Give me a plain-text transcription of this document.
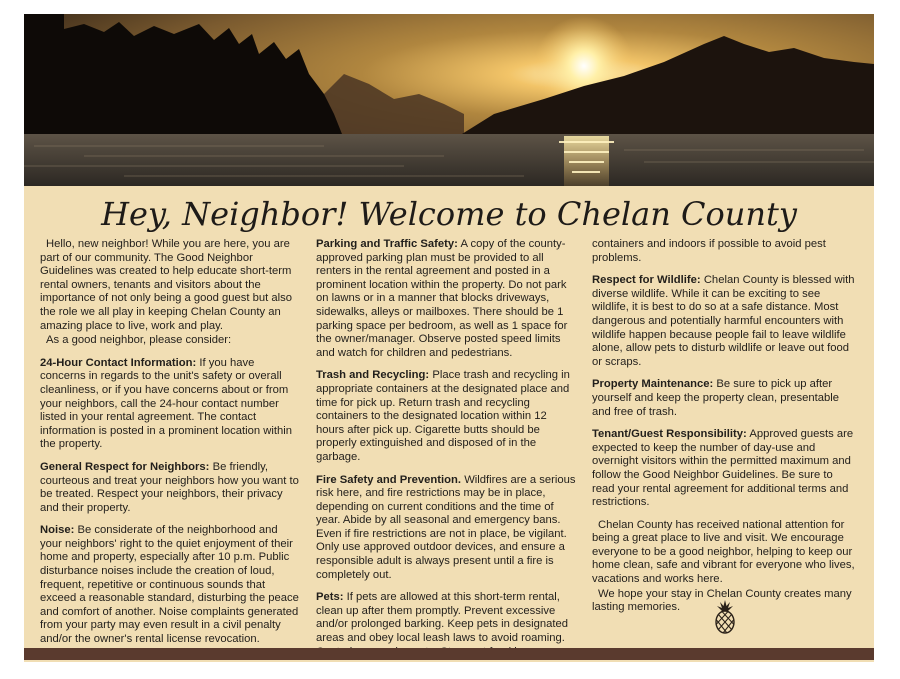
Hey, Neighbor! Welcome to Chelan County

Hello, new neighbor! While you are here, you are part of our community. The Good Neighbor Guidelines was created to help educate short-term rental owners, tenants and visitors about the importance of not only being a good guest but also the role we all play in keeping Chelan County an amazing place to live, work and play.

As a good neighbor, please consider:

24-Hour Contact Information: If you have concerns in regards to the unit's safety or overall cleanliness, or if you have concerns about or from your neighbors, call the 24-hour contact number listed in your rental agreement. The contact information is posted in a prominent location within the property.

General Respect for Neighbors: Be friendly, courteous and treat your neighbors how you want to be treated. Respect your neighbors, their privacy and their property.

Noise: Be considerate of the neighborhood and your neighbors' right to the quiet enjoyment of their home and property, especially after 10 p.m. Public disturbance noises include the creation of loud, frequent, repetitive or continuous sounds that exceed a reasonable standard, disturbing the peace and comfort of another. Noise complaints generated from your party may even result in a civil penalty and/or the owner's rental license revocation.

Parking and Traffic Safety: A copy of the county-approved parking plan must be provided to all renters in the rental agreement and posted in a prominent location within the property. Do not park on lawns or in a manner that blocks driveways, sidewalks, alleys or mailboxes. There should be 1 parking space per bedroom, as well as 1 space for the owner/manager. Observe posted speed limits and watch for children and pedestrians.

Trash and Recycling: Place trash and recycling in appropriate containers at the designated place and time for pick up. Return trash and recycling containers to the designated location within 12 hours after pick up. Cigarette butts should be properly extinguished and disposed of in the garbage.

Fire Safety and Prevention. Wildfires are a serious risk here, and fire restrictions may be in place, depending on current conditions and the time of year. Abide by all seasonal and emergency bans. Even if fire restrictions are not in place, be vigilant. Only use approved outdoor devices, and ensure a responsible adult is always present until a fire is completely out.

Pets: If pets are allowed at this short-term rental, clean up after them promptly. Prevent excessive and/or prolonged barking. Keep pets in designated areas and obey local leash laws to avoid roaming.

containers and indoors if possible to avoid pest problems.

Respect for Wildlife: Chelan County is blessed with diverse wildlife. While it can be exciting to see wildlife, it is best to do so at a safe distance. Most dangerous and potentially harmful encounters with wildlife happen because people fail to leave wildlife alone, allow pets to disturb wildlife or leave out food or scraps.

Property Maintenance: Be sure to pick up after yourself and keep the property clean, presentable and free of trash.

Tenant/Guest Responsibility: Approved guests are expected to keep the number of day-use and overnight visitors within the permitted maximum and follow the Good Neighbor Guidelines. Be sure to read your rental agreement for additional terms and restrictions.

Chelan County has received national attention for being a great place to live and visit. We encourage everyone to be a good neighbor, helping to keep our home clean, safe and vibrant for everyone who lives, vacations and works here.

We hope your stay in Chelan County creates many lasting memories.
